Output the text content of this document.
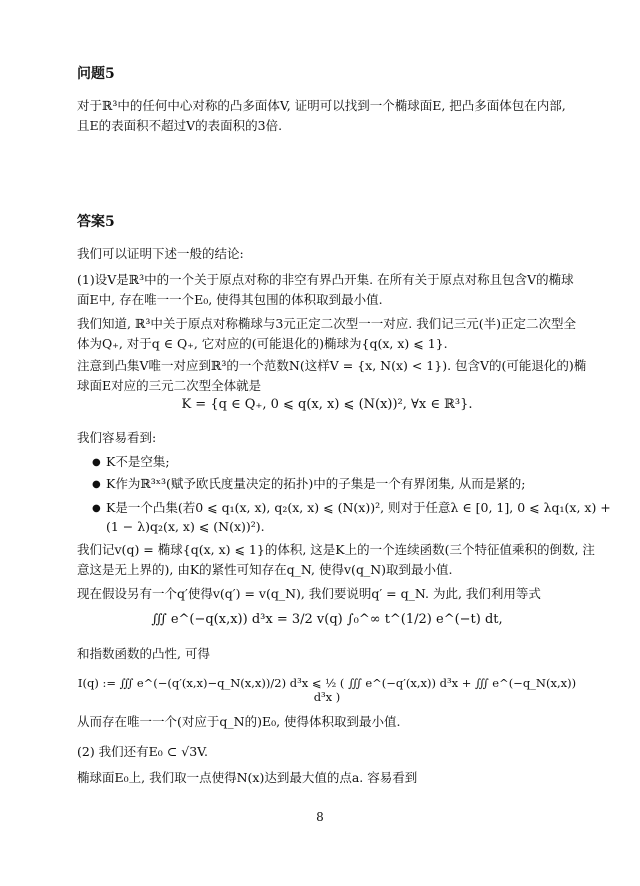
问题5
对于ℝ³中的任何中心对称的凸多面体V, 证明可以找到一个椭球面E, 把凸多面体包在内部,
且E的表面积不超过V的表面积的3倍.
答案5
我们可以证明下述一般的结论:
(1)设V是ℝ³中的一个关于原点对称的非空有界凸开集. 在所有关于原点对称且包含V的椭球
面E中, 存在唯一一个E₀, 使得其包围的体积取到最小值.
我们知道, ℝ³中关于原点对称椭球与3元正定二次型一一对应. 我们记三元(半)正定二次型全
体为Q₊, 对于q ∈ Q₊, 它对应的(可能退化的)椭球为{q(x, x) ⩽ 1}.
注意到凸集V唯一对应到ℝ³的一个范数N(这样V = {x, N(x) < 1}). 包含V的(可能退化的)椭
球面E对应的三元二次型全体就是
K = {q ∈ Q₊, 0 ⩽ q(x, x) ⩽ (N(x))², ∀x ∈ ℝ³}.
我们容易看到:
● K不是空集;
● K作为ℝ³ˣ³(赋予欧氏度量决定的拓扑)中的子集是一个有界闭集, 从而是紧的;
● K是一个凸集(若0 ⩽ q₁(x, x), q₂(x, x) ⩽ (N(x))², 则对于任意λ ∈ [0, 1], 0 ⩽ λq₁(x, x) +
(1 − λ)q₂(x, x) ⩽ (N(x))²).
我们记v(q) = 椭球{q(x, x) ⩽ 1}的体积, 这是K上的一个连续函数(三个特征值乘积的倒数, 注
意这是无上界的), 由K的紧性可知存在q_N, 使得v(q_N)取到最小值.
现在假设另有一个q′使得v(q′) = v(q_N), 我们要说明q′ = q_N. 为此, 我们利用等式
∭ e^(−q(x,x)) d³x = 3/2 v(q) ∫₀^∞ t^(1/2) e^(−t) dt,
和指数函数的凸性, 可得
I(q) := ∭ e^(−(q′(x,x)−q_N(x,x))/2) d³x ⩽ ½ ( ∭ e^(−q′(x,x)) d³x + ∭ e^(−q_N(x,x)) d³x )
从而存在唯一一个(对应于q_N的)E₀, 使得体积取到最小值.
(2) 我们还有E₀ ⊂ √3V.
椭球面E₀上, 我们取一点使得N(x)达到最大值的点a. 容易看到
8
